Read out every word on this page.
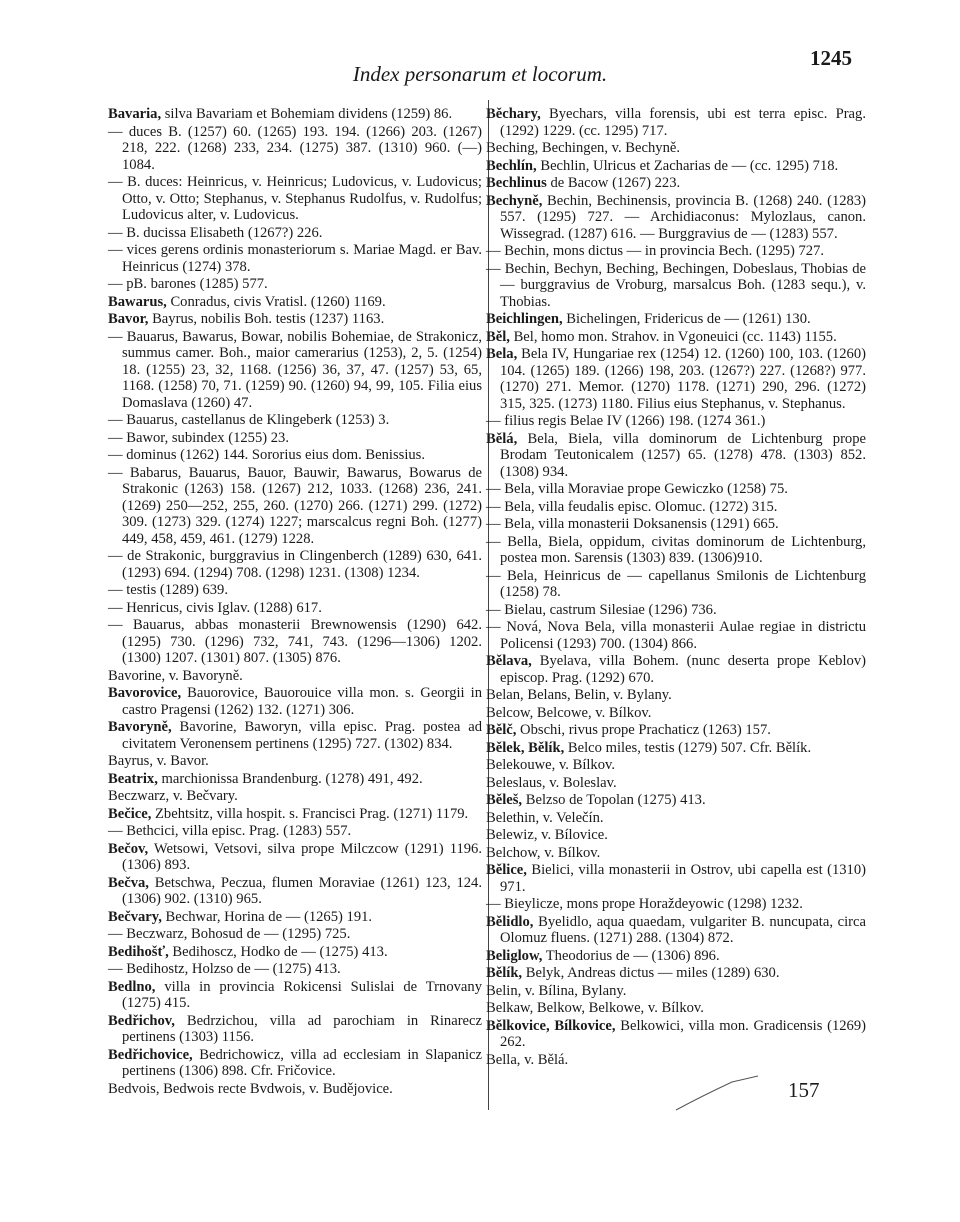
Index personarum et locorum.
1245

Bavaria, silva Bavariam et Bohemiam dividens (1259) 86.

— duces B. (1257) 60. (1265) 193. 194. (1266) 203. (1267) 218, 222. (1268) 233, 234. (1275) 387. (1310) 960. (—) 1084.

— B. duces: Heinricus, v. Heinricus; Ludovicus, v. Ludovicus; Otto, v. Otto; Stephanus, v. Stephanus Rudolfus, v. Rudolfus; Ludovicus alter, v. Ludovicus.

— B. ducissa Elisabeth (1267?) 226.

— vices gerens ordinis monasteriorum s. Mariae Magd. er Bav. Heinricus (1274) 378.

— pB. barones (1285) 577.

Bawarus, Conradus, civis Vratisl. (1260) 1169.

Bavor, Bayrus, nobilis Boh. testis (1237) 1163.

— Bauarus, Bawarus, Bowar, nobilis Bohemiae, de Strakonicz, summus camer. Boh., maior camerarius (1253), 2, 5. (1254) 18. (1255) 23, 32, 1168. (1256) 36, 37, 47. (1257) 53, 65, 1168. (1258) 70, 71. (1259) 90. (1260) 94, 99, 105. Filia eius Domaslava (1260) 47.

— Bauarus, castellanus de Klingeberk (1253) 3.

— Bawor, subindex (1255) 23.

— dominus (1262) 144. Sororius eius dom. Benissius.

— Babarus, Bauarus, Bauor, Bauwir, Bawarus, Bowarus de Strakonic (1263) 158. (1267) 212, 1033. (1268) 236, 241. (1269) 250—252, 255, 260. (1270) 266. (1271) 299. (1272) 309. (1273) 329. (1274) 1227; marscalcus regni Boh. (1277) 449, 458, 459, 461. (1279) 1228.

— de Strakonic, burggravius in Clingenberch (1289) 630, 641. (1293) 694. (1294) 708. (1298) 1231. (1308) 1234.

— testis (1289) 639.

— Henricus, civis Iglav. (1288) 617.

— Bauarus, abbas monasterii Brewnowensis (1290) 642. (1295) 730. (1296) 732, 741, 743. (1296—1306) 1202. (1300) 1207. (1301) 807. (1305) 876.

Bavorine, v. Bavoryně.

Bavorovice, Bauorovice, Bauorouice villa mon. s. Georgii in castro Pragensi (1262) 132. (1271) 306.

Bavoryně, Bavorine, Baworyn, villa episc. Prag. postea ad civitatem Veronensem pertinens (1295) 727. (1302) 834.

Bayrus, v. Bavor.

Beatrix, marchionissa Brandenburg. (1278) 491, 492.

Beczwarz, v. Bečvary.

Bečice, Zbehtsitz, villa hospit. s. Francisci Prag. (1271) 1179.

— Bethcici, villa episc. Prag. (1283) 557.

Bečov, Wetsowi, Vetsovi, silva prope Milczcow (1291) 1196. (1306) 893.

Bečva, Betschwa, Peczua, flumen Moraviae (1261) 123, 124. (1306) 902. (1310) 965.

Bečvary, Bechwar, Horina de — (1265) 191.

— Beczwarz, Bohosud de — (1295) 725.

Bedihošť, Bedihoscz, Hodko de — (1275) 413.

— Bedihostz, Holzso de — (1275) 413.

Bedlno, villa in provincia Rokicensi Sulislai de Trnovany (1275) 415.

Bedřichov, Bedrzichou, villa ad parochiam in Rinarecz pertinens (1303) 1156.

Bedřichovice, Bedrichowicz, villa ad ecclesiam in Slapanicz pertinens (1306) 898. Cfr. Fričovice.

Bedvois, Bedwois recte Bvdwois, v. Budějovice.

Běchary, Byechars, villa forensis, ubi est terra episc. Prag. (1292) 1229. (cc. 1295) 717.

Beching, Bechingen, v. Bechyně.

Bechlín, Bechlin, Ulricus et Zacharias de — (cc. 1295) 718.

Bechlinus de Bacow (1267) 223.

Bechyně, Bechin, Bechinensis, provincia B. (1268) 240. (1283) 557. (1295) 727. — Archidiaconus: Mylozlaus, canon. Wissegrad. (1287) 616. — Burggravius de — (1283) 557.

— Bechin, mons dictus — in provincia Bech. (1295) 727.

— Bechin, Bechyn, Beching, Bechingen, Dobeslaus, Thobias de — burggravius de Vroburg, marsalcus Boh. (1283 sequ.), v. Thobias.

Beichlingen, Bichelingen, Fridericus de — (1261) 130.

Běl, Bel, homo mon. Strahov. in Vgoneuici (cc. 1143) 1155.

Bela, Bela IV, Hungariae rex (1254) 12. (1260) 100, 103. (1260) 104. (1265) 189. (1266) 198, 203. (1267?) 227. (1268?) 977. (1270) 271. Memor. (1270) 1178. (1271) 290, 296. (1272) 315, 325. (1273) 1180. Filius eius Stephanus, v. Stephanus.

— filius regis Belae IV (1266) 198. (1274 361.)

Bělá, Bela, Biela, villa dominorum de Lichtenburg prope Brodam Teutonicalem (1257) 65. (1278) 478. (1303) 852. (1308) 934.

— Bela, villa Moraviae prope Gewiczko (1258) 75.

— Bela, villa feudalis episc. Olomuc. (1272) 315.

— Bela, villa monasterii Doksanensis (1291) 665.

— Bella, Biela, oppidum, civitas dominorum de Lichtenburg, postea mon. Sarensis (1303) 839. (1306)910.

— Bela, Heinricus de — capellanus Smilonis de Lichtenburg (1258) 78.

— Bielau, castrum Silesiae (1296) 736.

— Nová, Nova Bela, villa monasterii Aulae regiae in districtu Policensi (1293) 700. (1304) 866.

Bělava, Byelava, villa Bohem. (nunc deserta prope Keblov) episcop. Prag. (1292) 670.

Belan, Belans, Belin, v. Bylany.

Belcow, Belcowe, v. Bílkov.

Bělč, Obschi, rivus prope Prachaticz (1263) 157.

Bělek, Bělík, Belco miles, testis (1279) 507. Cfr. Bělík.

Belekouwe, v. Bílkov.

Beleslaus, v. Boleslav.

Běleš, Belzso de Topolan (1275) 413.

Belethin, v. Velečín.

Belewiz, v. Bílovice.

Belchow, v. Bílkov.

Bělice, Bielici, villa monasterii in Ostrov, ubi capella est (1310) 971.

— Bieylicze, mons prope Horaždeyowic (1298) 1232.

Bělidlo, Byelidlo, aqua quaedam, vulgariter B. nuncupata, circa Olomuz fluens. (1271) 288. (1304) 872.

Beliglow, Theodorius de — (1306) 896.

Bělík, Belyk, Andreas dictus — miles (1289) 630.

Belin, v. Bílina, Bylany.

Belkaw, Belkow, Belkowe, v. Bílkov.

Bělkovice, Bílkovice, Belkowici, villa mon. Gradicensis (1269) 262.

Bella, v. Bělá.

157
